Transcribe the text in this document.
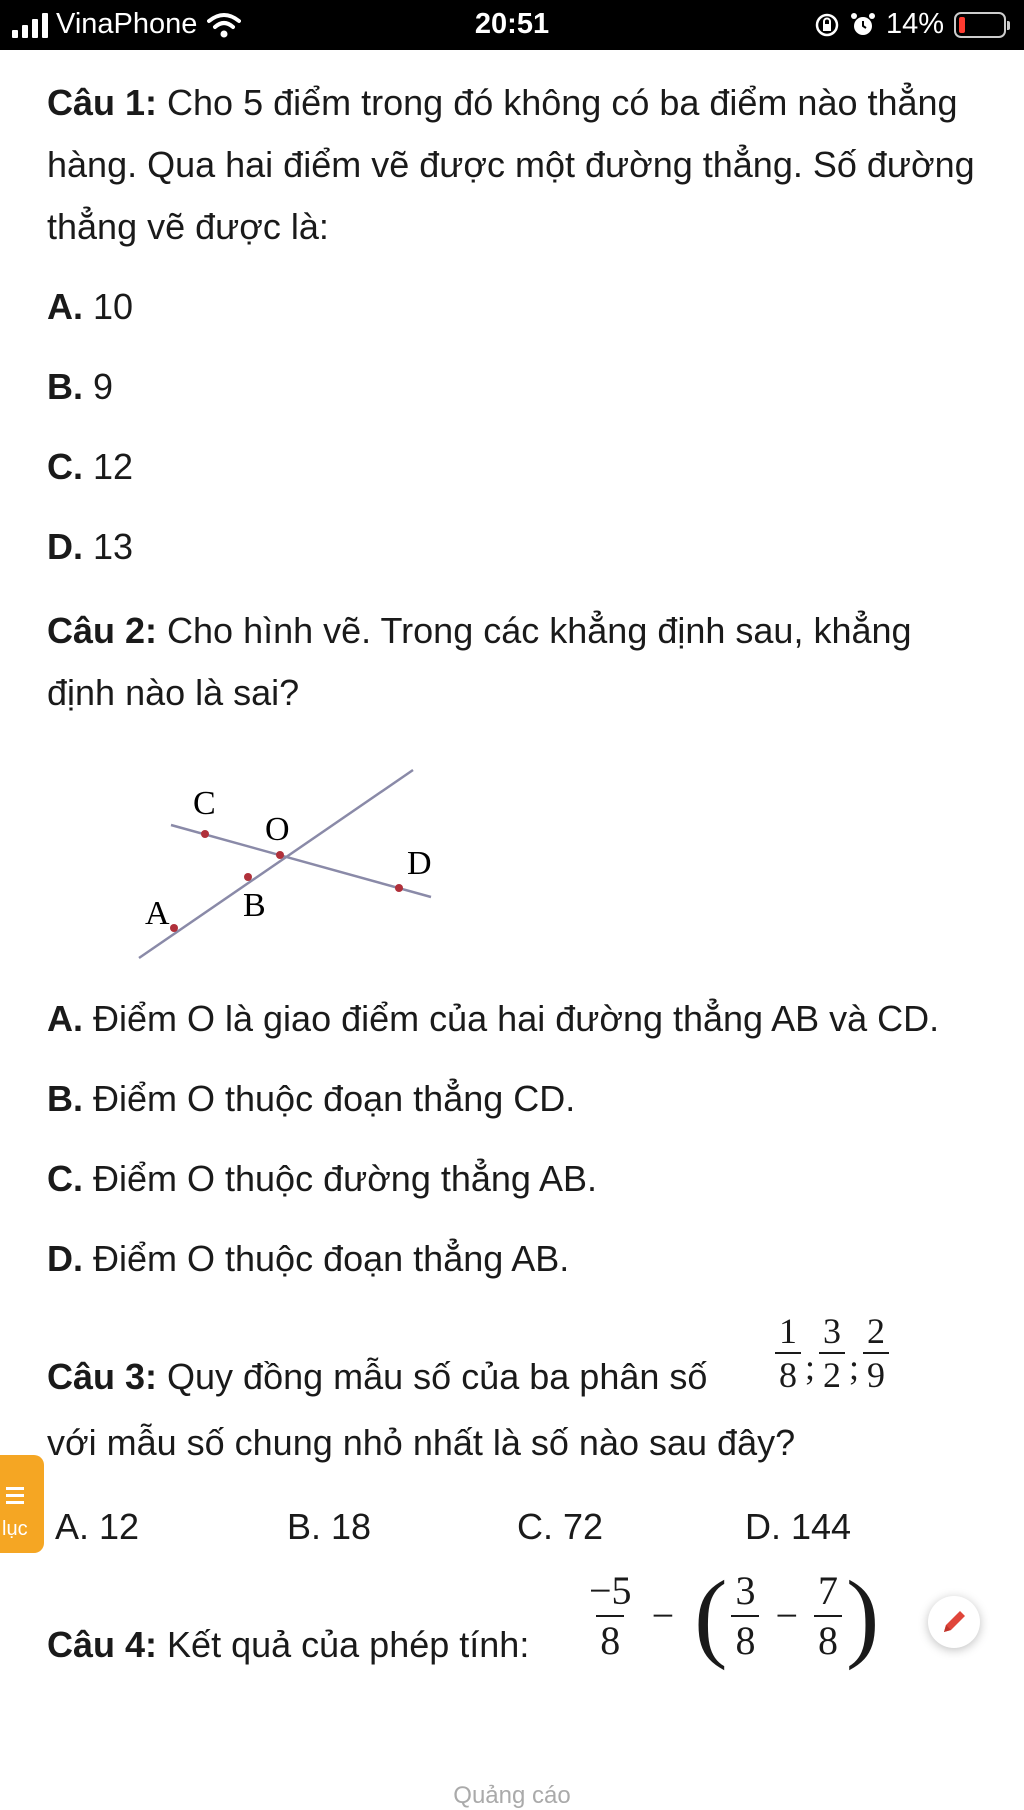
VinaPhone	20:51	14%

Câu 1: Cho 5 điểm trong đó không có ba điểm nào thẳng hàng. Qua hai điểm vẽ được một đường thẳng. Số đường thẳng vẽ được là:

A. 10

B. 9

C. 12

D. 13

Câu 2: Cho hình vẽ. Trong các khẳng định sau, khẳng định nào là sai?

C
O
D
A B

A. Điểm O là giao điểm của hai đường thẳng AB và CD.

B. Điểm O thuộc đoạn thẳng CD.

C. Điểm O thuộc đường thẳng AB.

D. Điểm O thuộc đoạn thẳng AB.

Câu 3: Quy đồng mẫu số của ba phân số $\frac{1}{8}$ ; $\frac{3}{2}$ ; $\frac{2}{9}$

với mẫu số chung nhỏ nhất là số nào sau đây?

A. 12	B. 18	C. 72	D. 144
Câu 4: Kết quả của phép tính: $\frac{-5}{8}$ − ( $\frac{3}{8} - \frac{7}{8}$ )
lục
Quảng cáo
